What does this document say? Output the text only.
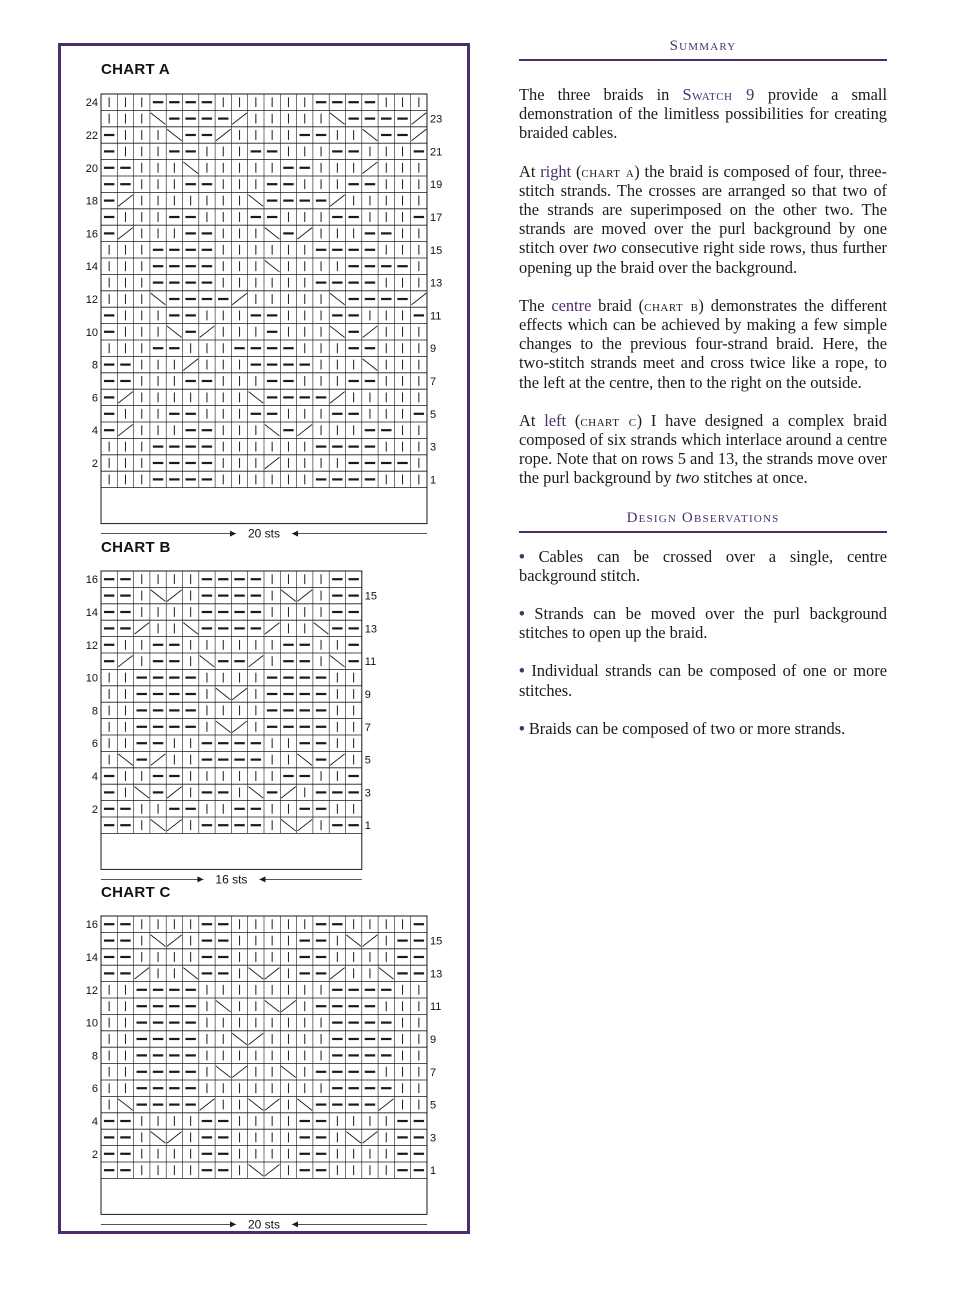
CHART A
24
22
20
18
16
14
12
10
8
6
4
2
23
21
19
17
15
13
11
9
7
5
3
1
20 sts
CHART B
16
14
12
10
8
6
4
2
15
13
11
9
7
5
3
1
16 sts
CHART C
16
14
12
10
8
6
4
2
15
13
11
9
7
5
3
1
20 sts
Summary

The three braids in Swatch 9 provide a small demonstration of the limitless possibilities for creating braided cables.

At right (chart a) the braid is composed of four, three-stitch strands. The crosses are arranged so that two of the strands are superimposed on the other two. The strands are moved over the purl background by one stitch over two consecutive right side rows, thus further opening up the braid over the background.

The centre braid (chart b) demonstrates the different effects which can be achieved by making a few simple changes to the previous four-strand braid. Here, the two-stitch strands meet and cross twice like a rope, to the left at the centre, then to the right on the outside.

At left (chart c) I have designed a complex braid composed of six strands which interlace around a centre rope. Note that on rows 5 and 13, the strands move over the purl background by two stitches at once.

Design Observations
• Cables can be crossed over a single, centre background stitch.
• Strands can be moved over the purl background stitches to open up the braid.
• Individual strands can be composed of one or more stitches.
• Braids can be composed of two or more strands.
